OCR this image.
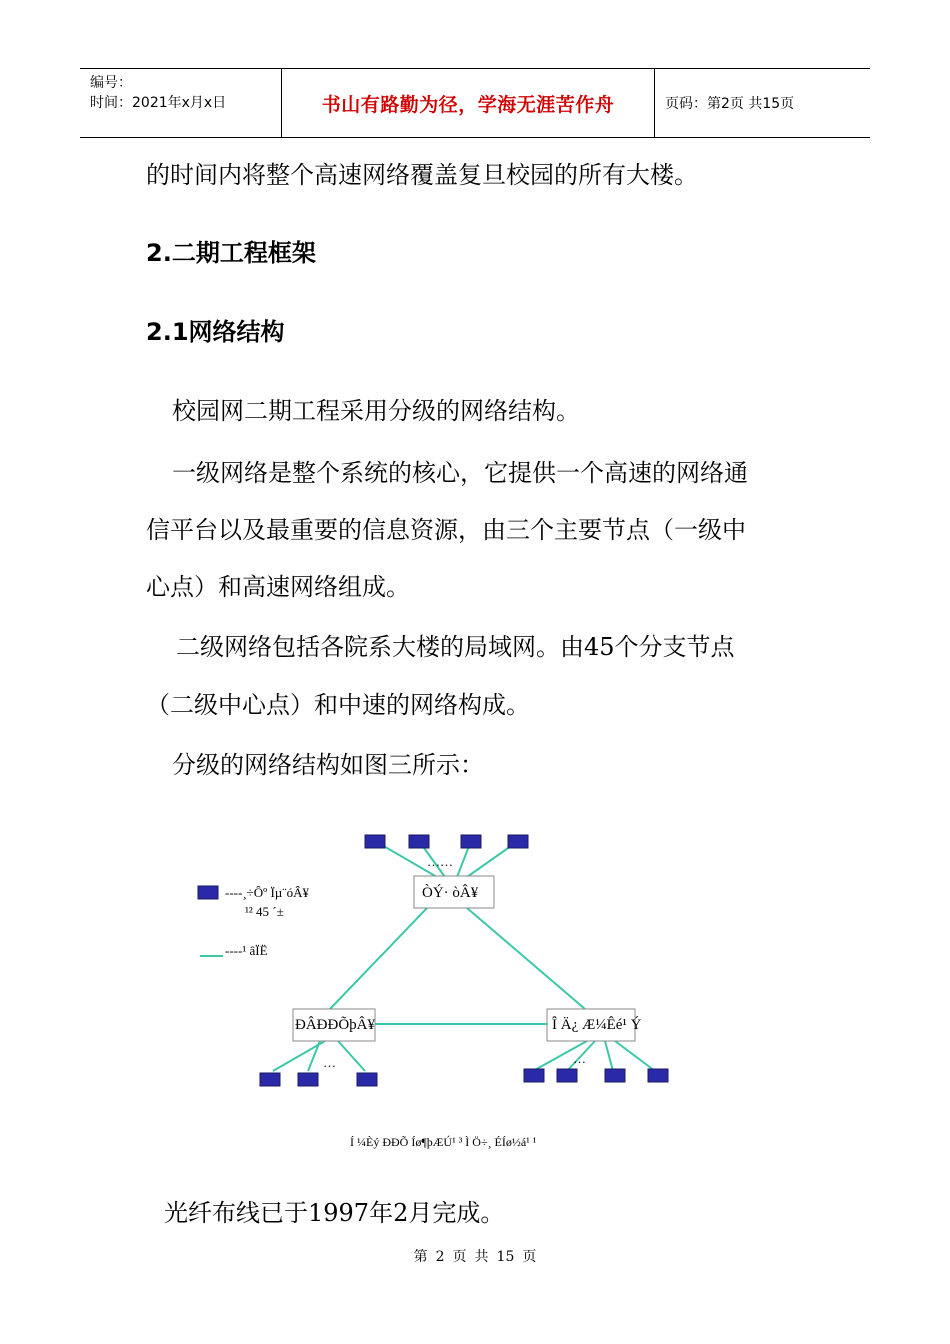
编号：
时间：2021年x月x日	书山有路勤为径，学海无涯苦作舟	页码：第2页 共15页
的时间内将整个高速网络覆盖复旦校园的所有大楼。
2.二期工程框架
2.1网络结构
校园网二期工程采用分级的网络结构。
一级网络是整个系统的核心，它提供一个高速的网络通
信平台以及最重要的信息资源，由三个主要节点（一级中
心点）和高速网络组成。
二级网络包括各院系大楼的局域网。由45个分支节点
（二级中心点）和中速的网络构成。
分级的网络结构如图三所示：
ÒÝ· òÂ¥
ÐÂÐÐÕþÂ¥	Î Ä¿ Æ¼Êé¹ Ý
……
…	…
----¸÷Ôº Ïµ¨óÂ¥
¹² 45 ´±
----¹ âÏË
Í ¼Èý ÐÐÕ Íø¶þÆÚ¹ ³ Ì Ö÷¸ ÉÍø½á¹ ¹
光纤布线已于1997年2月完成。
第 2 页 共 15 页
